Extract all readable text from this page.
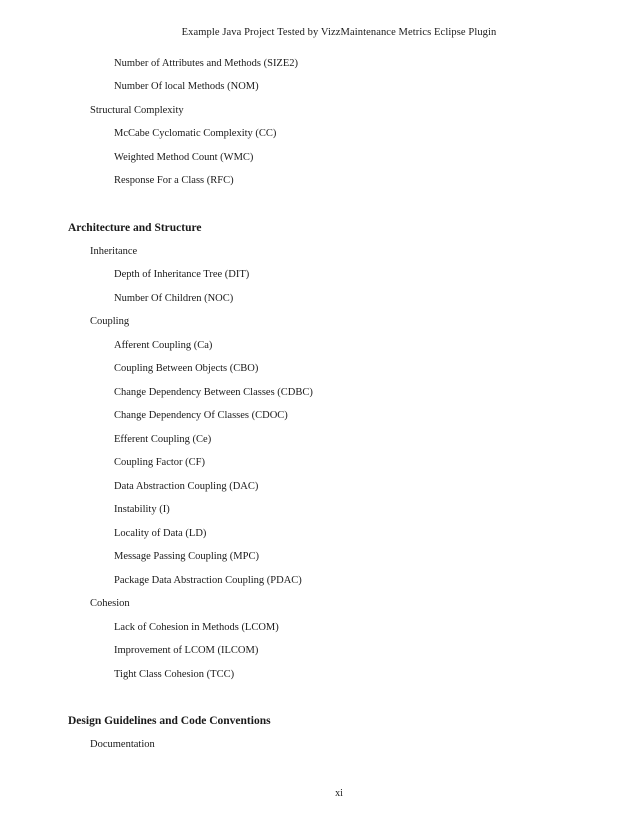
Example Java Project Tested by VizzMaintenance Metrics Eclipse Plugin
Number of Attributes and Methods (SIZE2)
Number Of local Methods (NOM)
Structural Complexity
McCabe Cyclomatic Complexity (CC)
Weighted Method Count (WMC)
Response For a Class (RFC)
Architecture and Structure
Inheritance
Depth of Inheritance Tree (DIT)
Number Of Children (NOC)
Coupling
Afferent Coupling (Ca)
Coupling Between Objects (CBO)
Change Dependency Between Classes (CDBC)
Change Dependency Of Classes (CDOC)
Efferent Coupling (Ce)
Coupling Factor (CF)
Data Abstraction Coupling (DAC)
Instability (I)
Locality of Data (LD)
Message Passing Coupling (MPC)
Package Data Abstraction Coupling (PDAC)
Cohesion
Lack of Cohesion in Methods (LCOM)
Improvement of LCOM (ILCOM)
Tight Class Cohesion (TCC)
Design Guidelines and Code Conventions
Documentation
xi
